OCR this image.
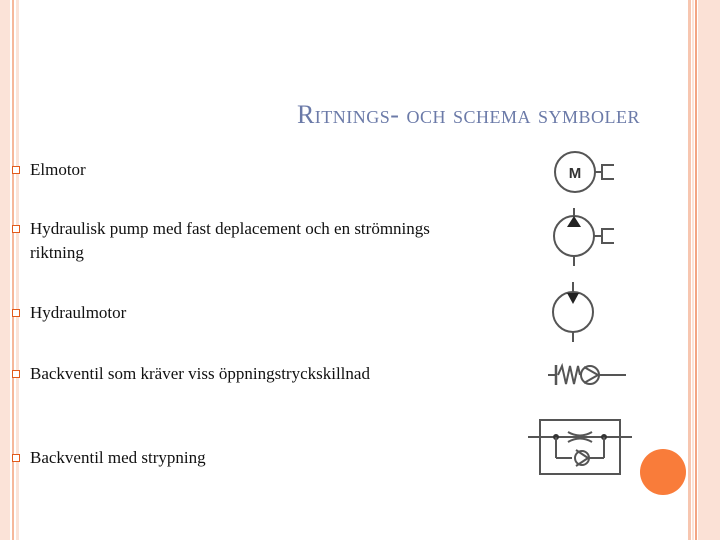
Ritnings- och schema symboler
Elmotor
Hydraulisk pump med fast deplacement och en strömnings riktning
Hydraulmotor
Backventil som kräver viss öppningstryckskillnad
Backventil med strypning
M
